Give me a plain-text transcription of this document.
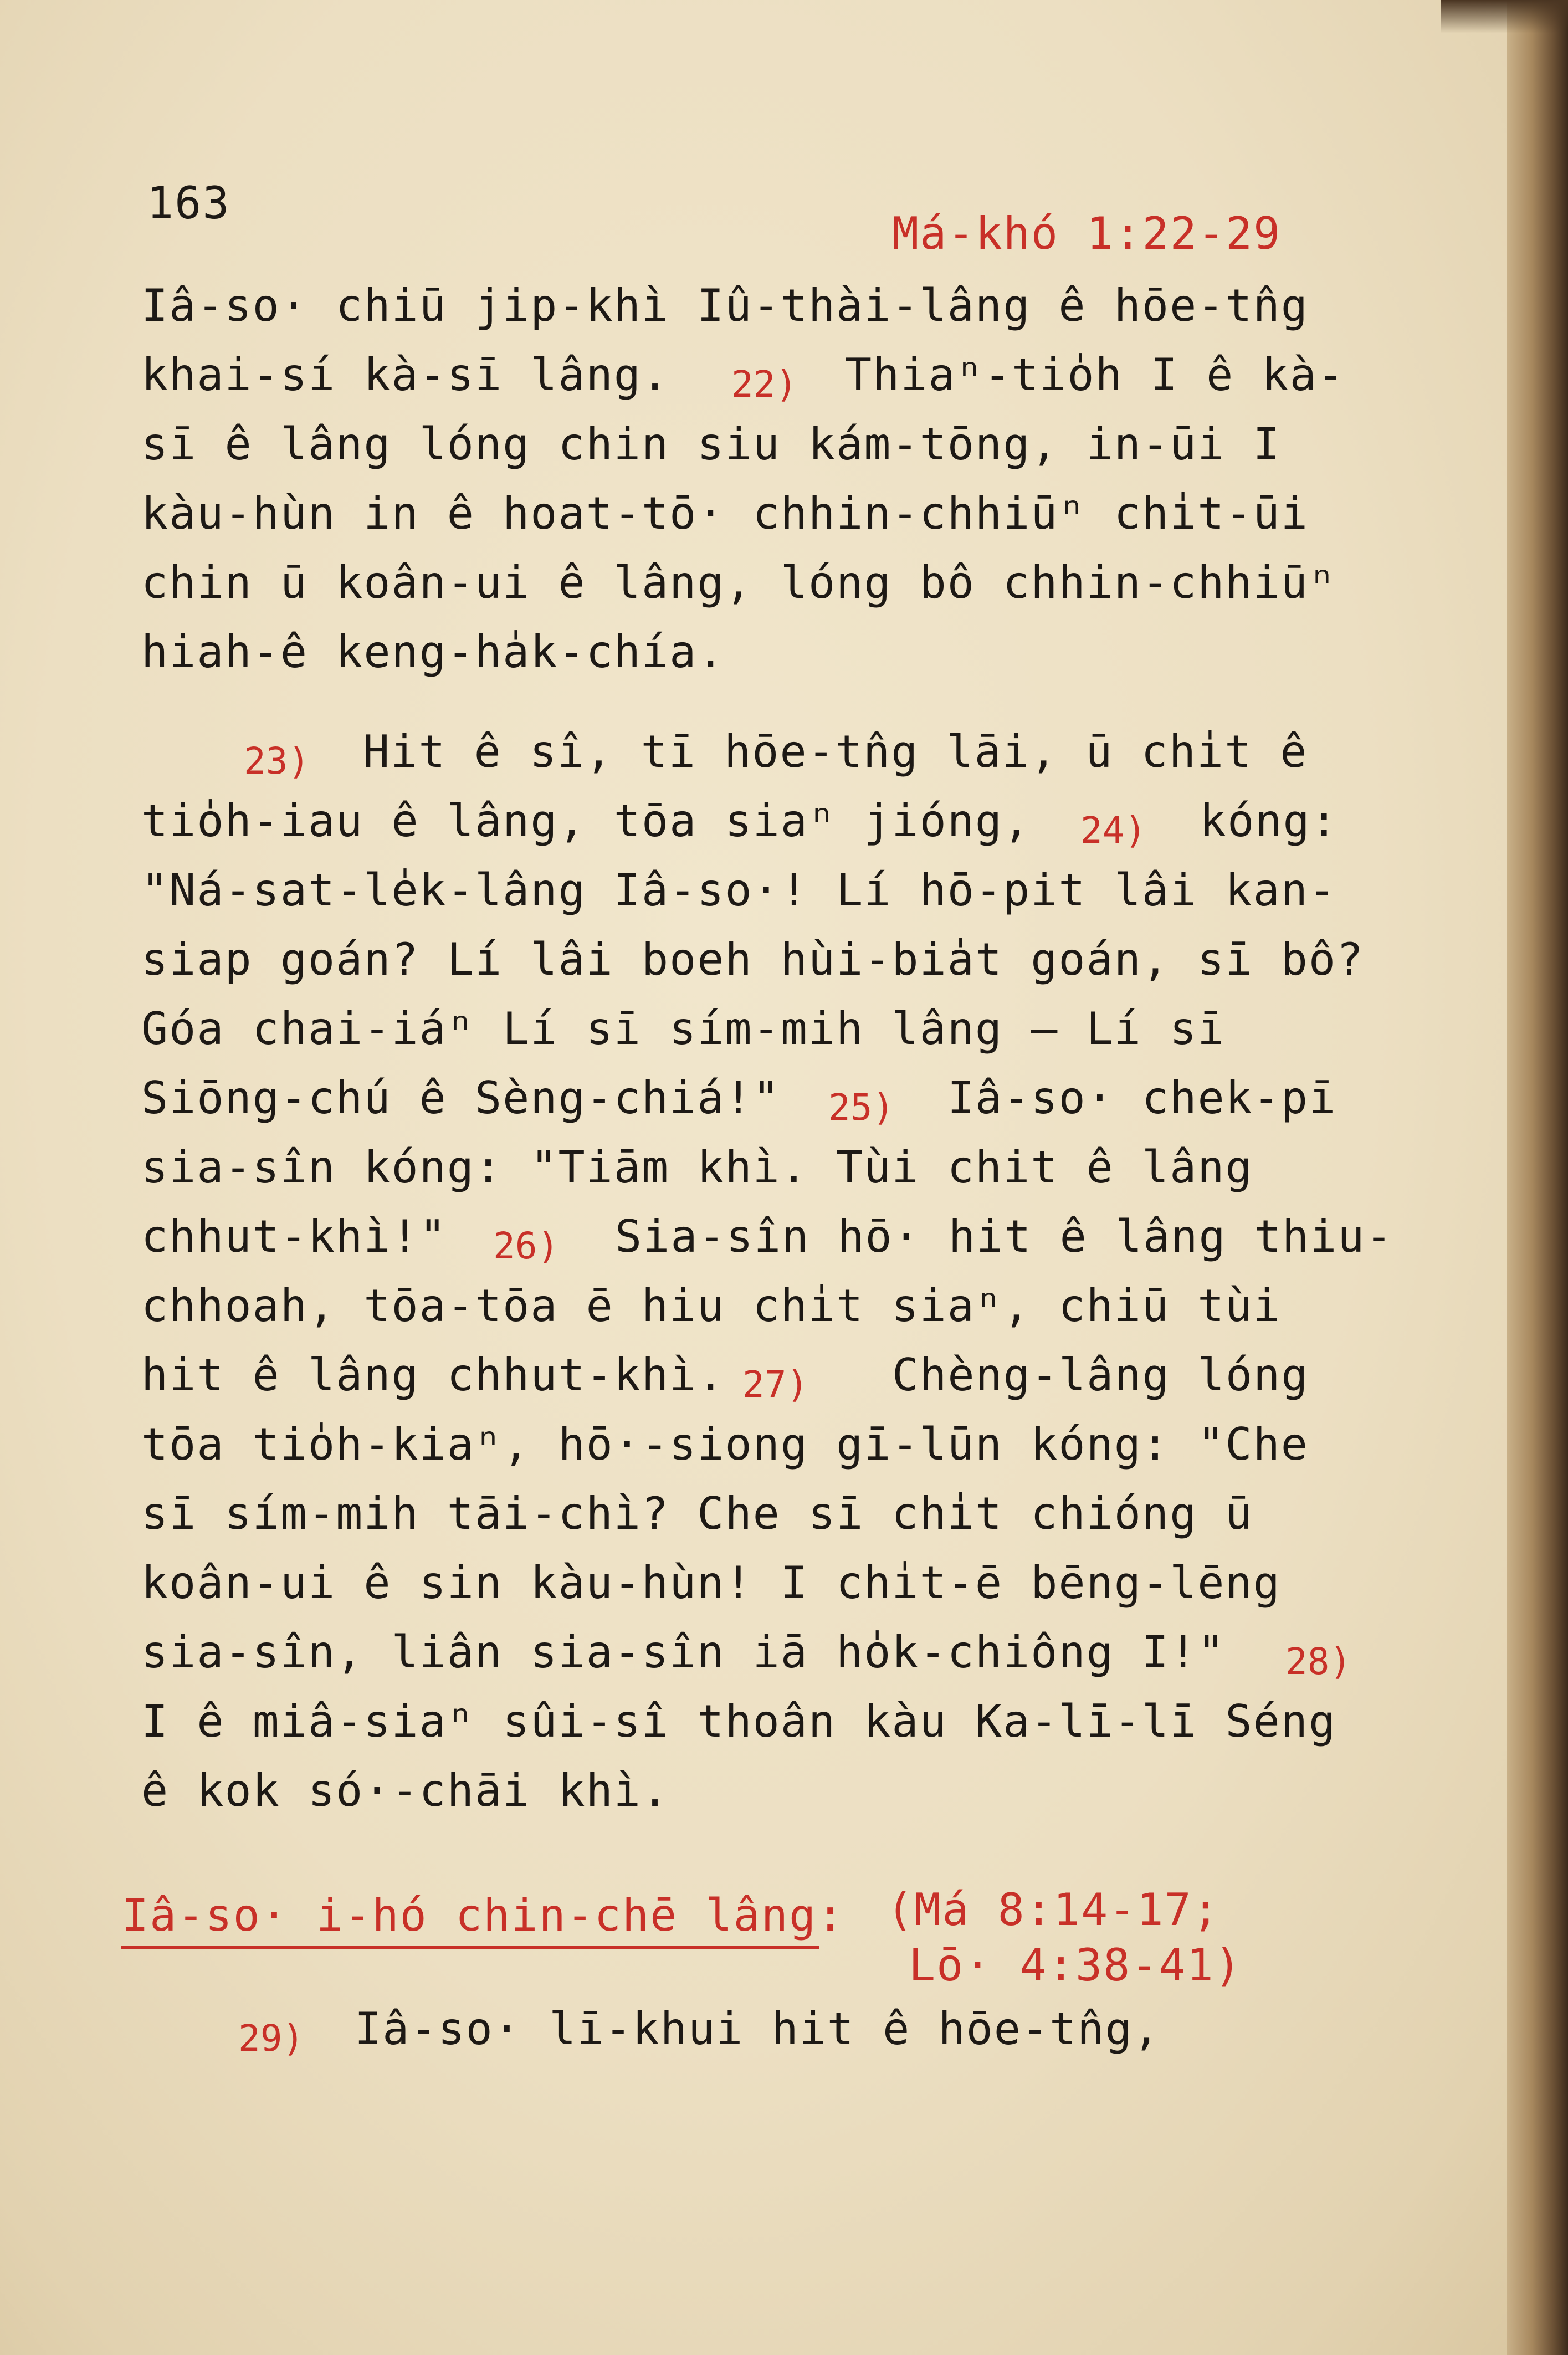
163
Má-khó 1:22-29
Iâ-so· chiū jip-khì Iû-thài-lâng ê hōe-tn̂g
khai-sí kà-sī lâng. 22) Thiaⁿ-tio̍h I ê kà-
sī ê lâng lóng chin siu kám-tōng, in-ūi I
kàu-hùn in ê hoat-tō· chhin-chhiūⁿ chi̍t-ūi
chin ū koân-ui ê lâng, lóng bô chhin-chhiūⁿ
hiah-ê keng-ha̍k-chía.
23) Hit ê sî, tī hōe-tn̂g lāi, ū chi̍t ê
tio̍h-iau ê lâng, tōa siaⁿ jióng, 24) kóng:
"Ná-sat-le̍k-lâng Iâ-so·! Lí hō-pit lâi kan-
siap goán? Lí lâi boeh hùi-bia̍t goán, sī bô?
Góa chai-iáⁿ Lí sī sím-mih lâng — Lí sī
Siōng-chú ê Sèng-chiá!" 25) Iâ-so· chek-pī
sia-sîn kóng: "Tiām khì. Tùi chit ê lâng
chhut-khì!" 26) Sia-sîn hō· hit ê lâng thiu-
chhoah, tōa-tōa ē hiu chi̍t siaⁿ, chiū tùi
hit ê lâng chhut-khì. 27) Chèng-lâng lóng
tōa tio̍h-kiaⁿ, hō·-siong gī-lūn kóng: "Che
sī sím-mih tāi-chì? Che sī chi̍t chióng ū
koân-ui ê sin kàu-hùn! I chi̍t-ē bēng-lēng
sia-sîn, liân sia-sîn iā ho̍k-chiông I!" 28)
I ê miâ-siaⁿ sûi-sî thoân kàu Ka-lī-lī Séng
ê kok só·-chāi khì.
Iâ-so· i-hó chin-chē lâng: (Má 8:14-17;
Lō· 4:38-41)
29) Iâ-so· lī-khui hit ê hōe-tn̂g,
